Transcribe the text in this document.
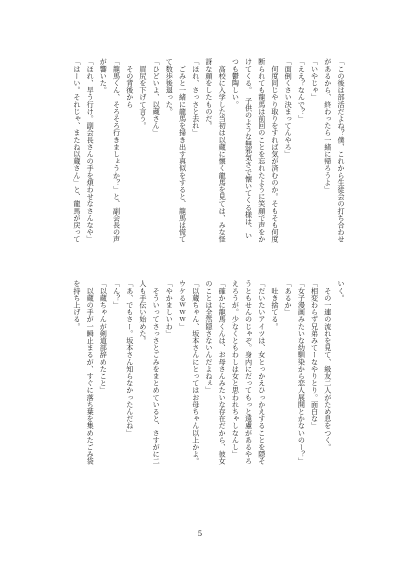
「この後は部活だよね？僕、これから生徒会の打ち合わせ
があるから、終わったら一緒に帰ろうよ」
「いやじゃ」
「ええ？なんで？」
「面倒くさい決まってんやろ」
　何度同じやり取りをすれば気が済むのか。そもそも何度
断られても龍馬は前回のことを忘れたように笑顔で声をか
けてくる。　子供のような無邪気さで懐いてくる様は、い
つも鬱陶しい。
　高校に入学した当初は以蔵に懐く龍馬を見ては、みな怪
訝な顔をしたものだ。
「ほれ、さっさと去れ」
　ごみと一緒に龍馬を掃き出す真似をすると、龍馬は慌て
て数歩後退った。
「ひどいよ、以蔵さん」
　眉尻を下げて言う。
　その背後から
「龍馬くん、そろそろ行きましょうか？」と、副会長の声
が響いた。
「ほれ、早う行け。副会長さんの手を煩わせなさんなや」
「はーい。それじゃ、またね以蔵さん」と、龍馬が戻って
いく。
　その一連の流れを見て、級友二人がため息をつく。
「相変わらず兄弟みてーなやりとり。面白な」
「女子漫画みたいな幼馴染から恋人展開とかないのー？」
「あるか」
　吐き捨てる。
「だいたいアイツは、女とっかえひっかえすることを隠そ
うともせんのじゃぞ。身内にだってもっと遠慮があるやろ
えろうが。少なくともわしは女と思われちゃしなんし」
「確かに龍馬くんは、お母さんみたいな存在だから、彼女
のことは全然隠さないんだよねぇ」
「以蔵ちゃん、坂本さんにとってはお母ちゃん以上かよ。
ウケるｗｗｗ」
「やかましいわ」
　そういってさっさとごみをまとめていると、さすがに二
人も手伝い始めた。
「あ、でもさー。坂本さん知らなかったんだね」
「ん？」
「以蔵ちゃんが剣道部辞めたこと」
　以蔵の手が一瞬止まるが、すぐに落ち葉を集めたごみ袋
を持ち上げる。
5
